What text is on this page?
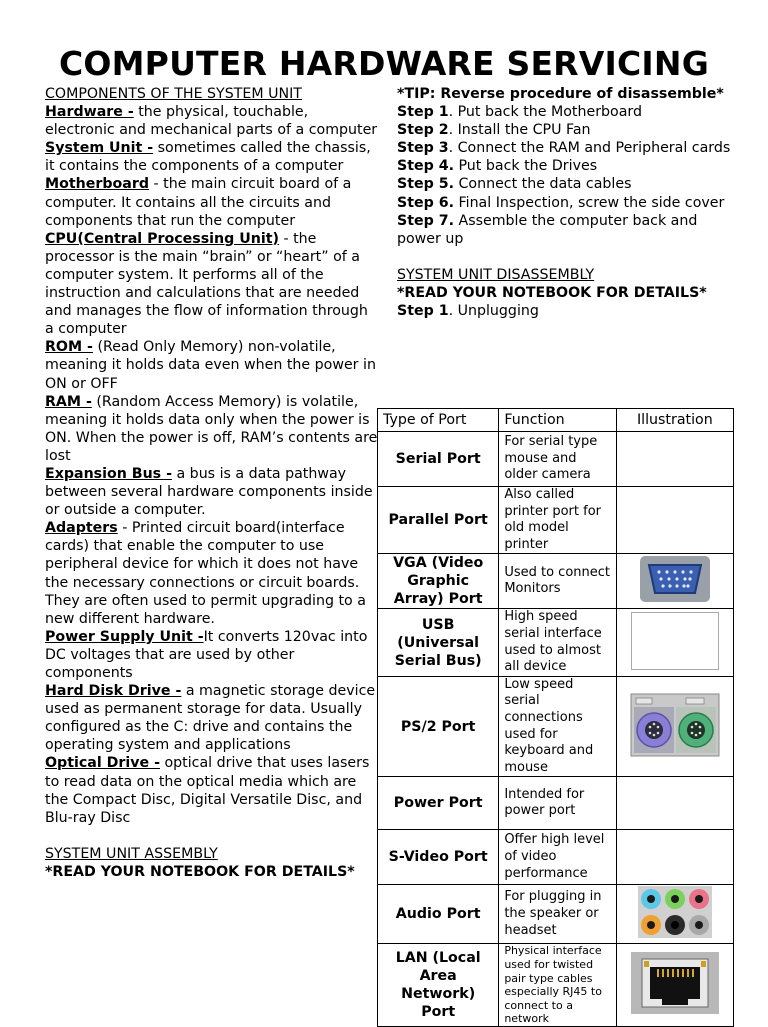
COMPUTER HARDWARE SERVICING

COMPONENTS OF THE SYSTEM UNIT

Hardware - the physical, touchable, electronic and mechanical parts of a computer

System Unit - sometimes called the chassis, it contains the components of a computer

Motherboard - the main circuit board of a computer. It contains all the circuits and components that run the computer

CPU(Central Processing Unit) - the processor is the main “brain” or “heart” of a computer system. It performs all of the instruction and calculations that are needed and manages the flow of information through a computer

ROM - (Read Only Memory) non-volatile, meaning it holds data even when the power in ON or OFF

RAM - (Random Access Memory) is volatile, meaning it holds data only when the power is ON. When the power is off, RAM’s contents are lost

Expansion Bus - a bus is a data pathway between several hardware components inside or outside a computer.

Adapters - Printed circuit board(interface cards) that enable the computer to use peripheral device for which it does not have the necessary connections or circuit boards. They are often used to permit upgrading to a new different hardware.

Power Supply Unit -It converts 120vac into DC voltages that are used by other components

Hard Disk Drive - a magnetic storage device used as permanent storage for data. Usually configured as the C: drive and contains the operating system and applications

Optical Drive - optical drive that uses lasers to read data on the optical media which are the Compact Disc, Digital Versatile Disc, and Blu-ray Disc

SYSTEM UNIT ASSEMBLY

*READ YOUR NOTEBOOK FOR DETAILS*

*TIP: Reverse procedure of disassemble*

Step 1. Put back the Motherboard

Step 2. Install the CPU Fan

Step 3. Connect the RAM and Peripheral cards

Step 4. Put back the Drives

Step 5. Connect the data cables

Step 6. Final Inspection, screw the side cover

Step 7. Assemble the computer back and power up

SYSTEM UNIT DISASSEMBLY

*READ YOUR NOTEBOOK FOR DETAILS*

Step 1. Unplugging

Type of Port	Function	Illustration
Serial Port	For serial type mouse and older camera	
Parallel Port	Also called printer port for old model printer	
VGA (Video Graphic Array) Port	Used to connect Monitors	
USB (Universal Serial Bus)	High speed serial interface used to almost all device	
PS/2 Port	Low speed serial connections used for keyboard and mouse	
Power Port	Intended for power port	
S-Video Port	Offer high level of video performance	
Audio Port	For plugging in the speaker or headset	
LAN (Local Area Network) Port	Physical interface used for twisted pair type cables especially RJ45 to connect to a network	
